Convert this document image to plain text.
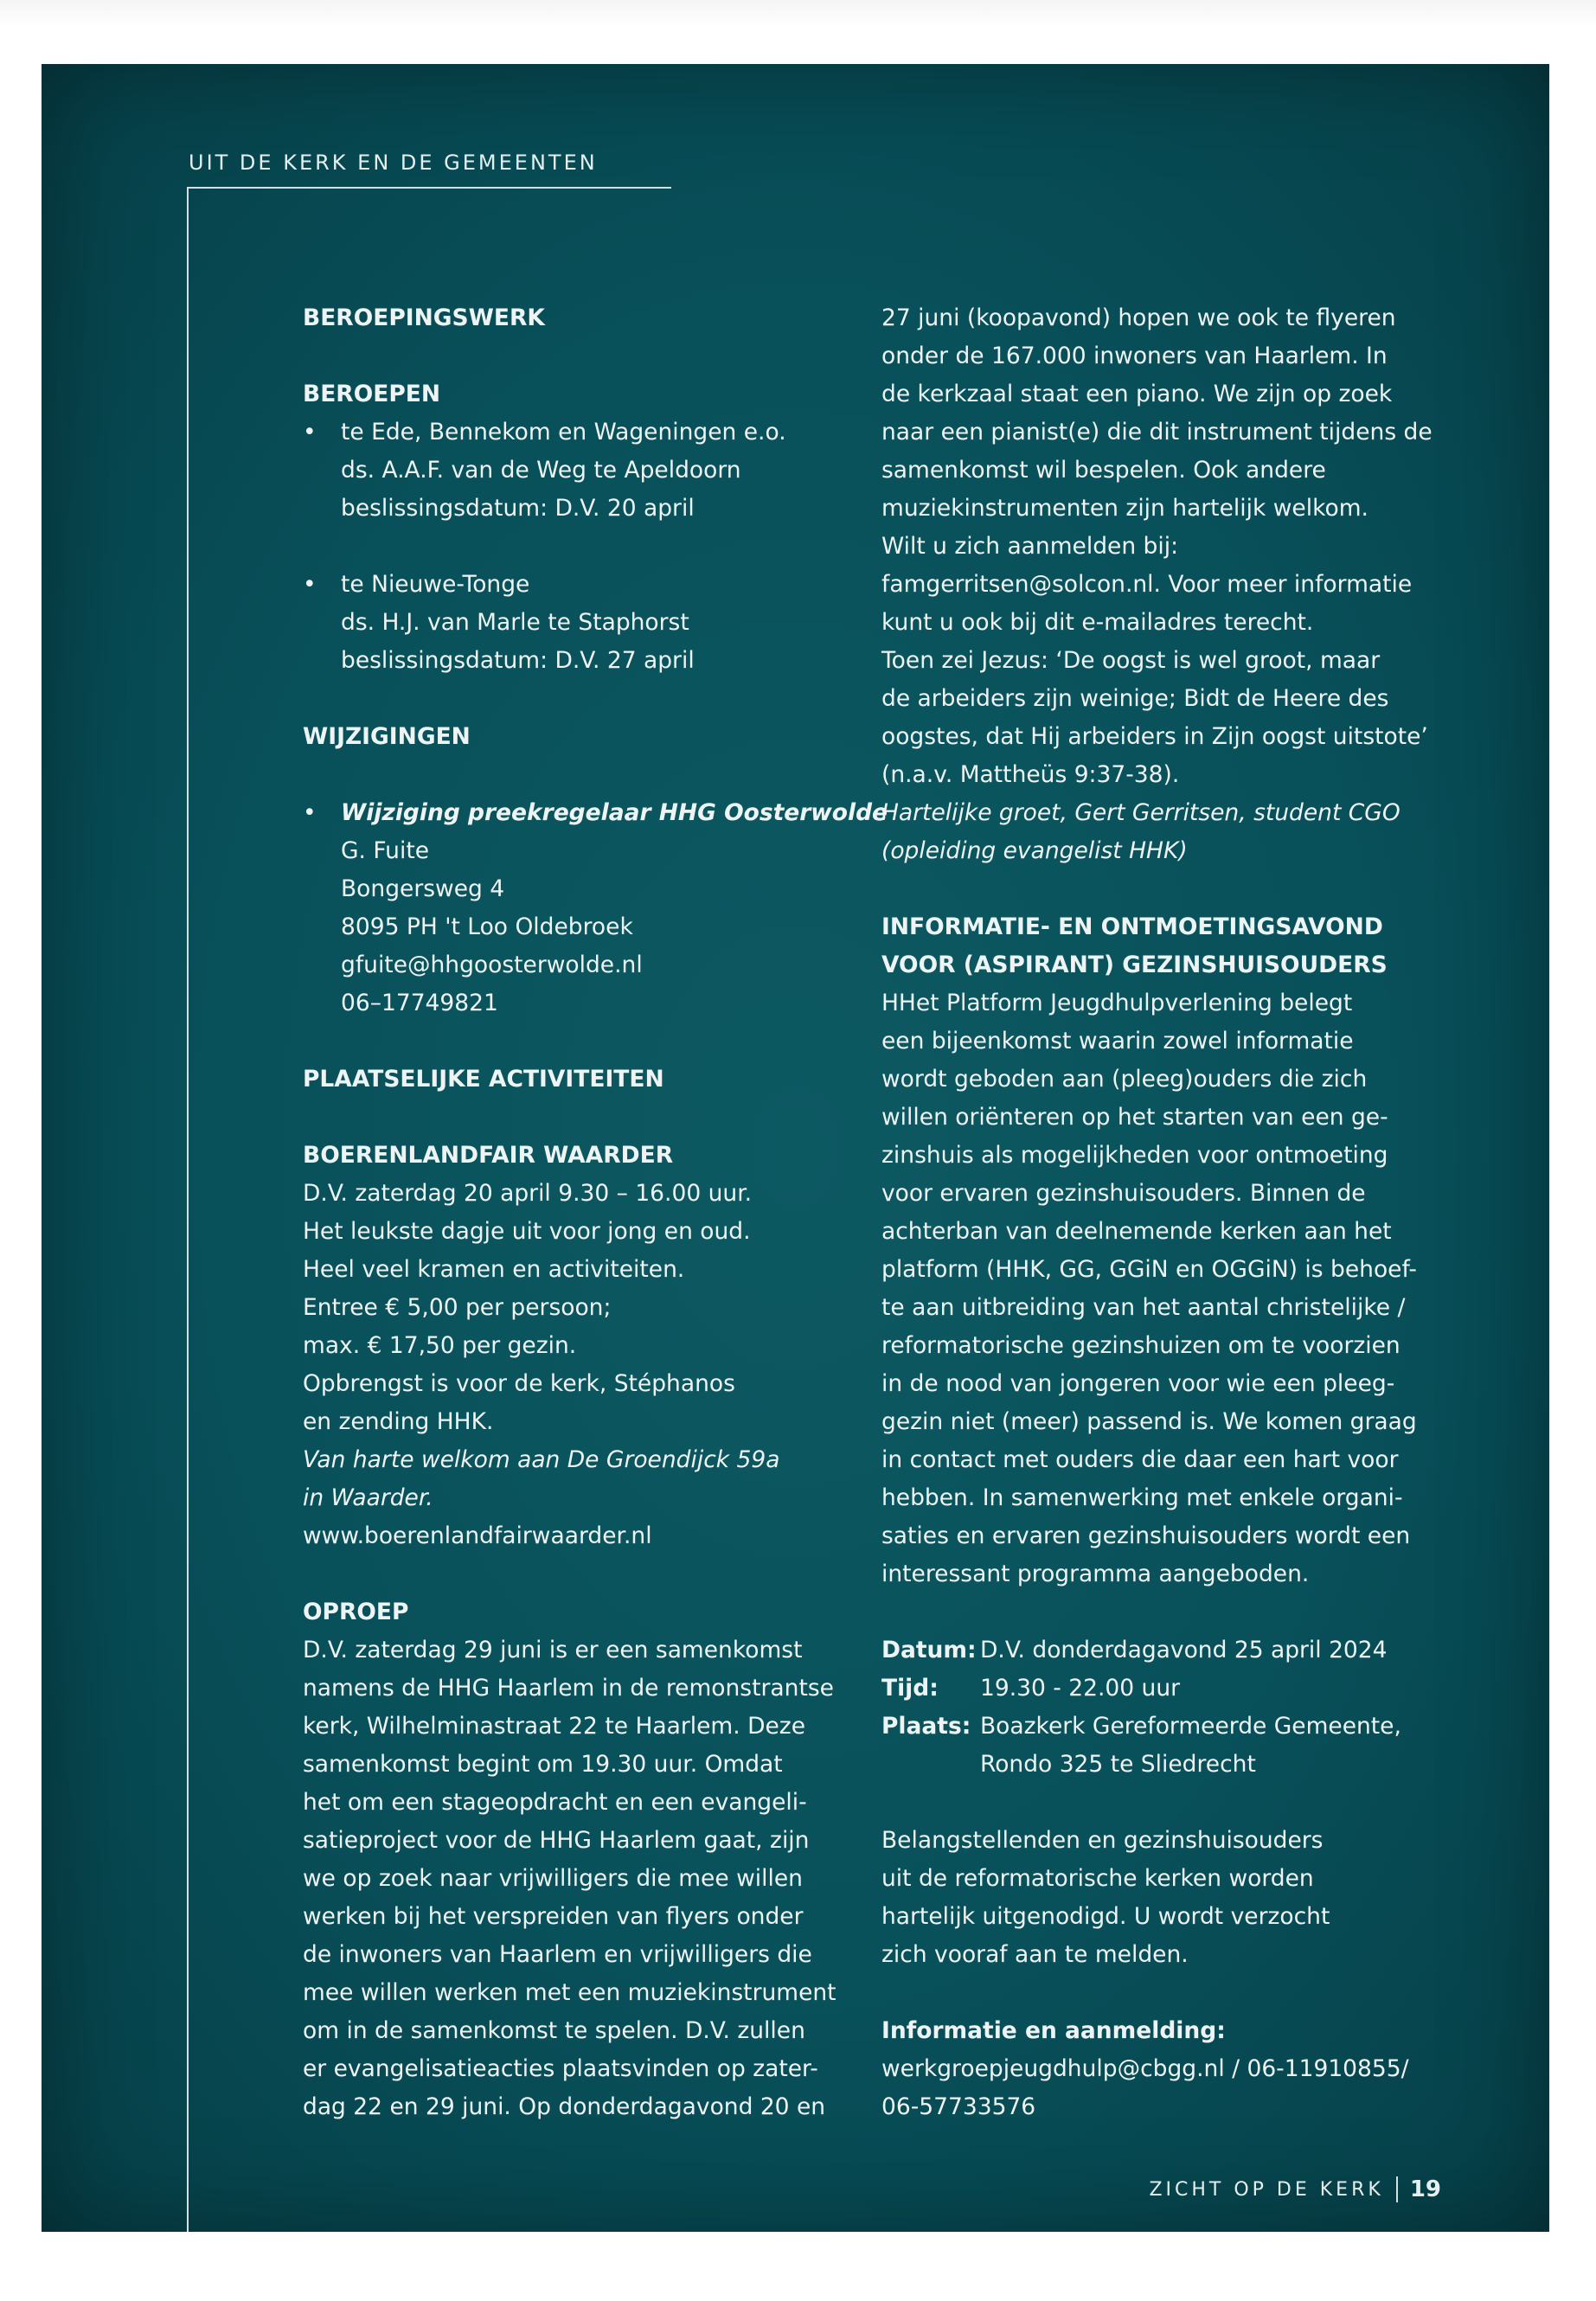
UIT DE KERK EN DE GEMEENTEN
BEROEPINGSWERK
BEROEPEN
• te Ede, Bennekom en Wageningen e.o.
ds. A.A.F. van de Weg te Apeldoorn
beslissingsdatum: D.V. 20 april
• te Nieuwe-Tonge
ds. H.J. van Marle te Staphorst
beslissingsdatum: D.V. 27 april
WIJZIGINGEN
• Wijziging preekregelaar HHG Oosterwolde
G. Fuite
Bongersweg 4
8095 PH 't Loo Oldebroek
gfuite@hhgoosterwolde.nl
06–17749821
PLAATSELIJKE ACTIVITEITEN
BOERENLANDFAIR WAARDER
D.V. zaterdag 20 april 9.30 – 16.00 uur.
Het leukste dagje uit voor jong en oud.
Heel veel kramen en activiteiten.
Entree € 5,00 per persoon;
max. € 17,50 per gezin.
Opbrengst is voor de kerk, Stéphanos
en zending HHK.
Van harte welkom aan De Groendijck 59a
in Waarder.
www.boerenlandfairwaarder.nl
OPROEP
D.V. zaterdag 29 juni is er een samenkomst
namens de HHG Haarlem in de remonstrantse
kerk, Wilhelminastraat 22 te Haarlem. Deze
samenkomst begint om 19.30 uur. Omdat
het om een stageopdracht en een evangeli-
satieproject voor de HHG Haarlem gaat, zijn
we op zoek naar vrijwilligers die mee willen
werken bij het verspreiden van flyers onder
de inwoners van Haarlem en vrijwilligers die
mee willen werken met een muziekinstrument
om in de samenkomst te spelen. D.V. zullen
er evangelisatieacties plaatsvinden op zater-
dag 22 en 29 juni. Op donderdagavond 20 en
27 juni (koopavond) hopen we ook te flyeren
onder de 167.000 inwoners van Haarlem. In
de kerkzaal staat een piano. We zijn op zoek
naar een pianist(e) die dit instrument tijdens de
samenkomst wil bespelen. Ook andere
muziekinstrumenten zijn hartelijk welkom.
Wilt u zich aanmelden bij:
famgerritsen@solcon.nl. Voor meer informatie
kunt u ook bij dit e-mailadres terecht.
Toen zei Jezus: ‘De oogst is wel groot, maar
de arbeiders zijn weinige; Bidt de Heere des
oogstes, dat Hij arbeiders in Zijn oogst uitstote’
(n.a.v. Mattheüs 9:37-38).
Hartelijke groet, Gert Gerritsen, student CGO
(opleiding evangelist HHK)
INFORMATIE- EN ONTMOETINGSAVOND
VOOR (ASPIRANT) GEZINSHUISOUDERS
HHet Platform Jeugdhulpverlening belegt
een bijeenkomst waarin zowel informatie
wordt geboden aan (pleeg)ouders die zich
willen oriënteren op het starten van een ge-
zinshuis als mogelijkheden voor ontmoeting
voor ervaren gezinshuisouders. Binnen de
achterban van deelnemende kerken aan het
platform (HHK, GG, GGiN en OGGiN) is behoef-
te aan uitbreiding van het aantal christelijke /
reformatorische gezinshuizen om te voorzien
in de nood van jongeren voor wie een pleeg-
gezin niet (meer) passend is. We komen graag
in contact met ouders die daar een hart voor
hebben. In samenwerking met enkele organi-
saties en ervaren gezinshuisouders wordt een
interessant programma aangeboden.
Datum: D.V. donderdagavond 25 april 2024
Tijd:	19.30 - 22.00 uur
Plaats: Boazkerk Gereformeerde Gemeente,
Rondo 325 te Sliedrecht
Belangstellenden en gezinshuisouders
uit de reformatorische kerken worden
hartelijk uitgenodigd. U wordt verzocht
zich vooraf aan te melden.
Informatie en aanmelding:
werkgroepjeugdhulp@cbgg.nl / 06-11910855/
06-57733576
ZICHT OP DE KERK 19
